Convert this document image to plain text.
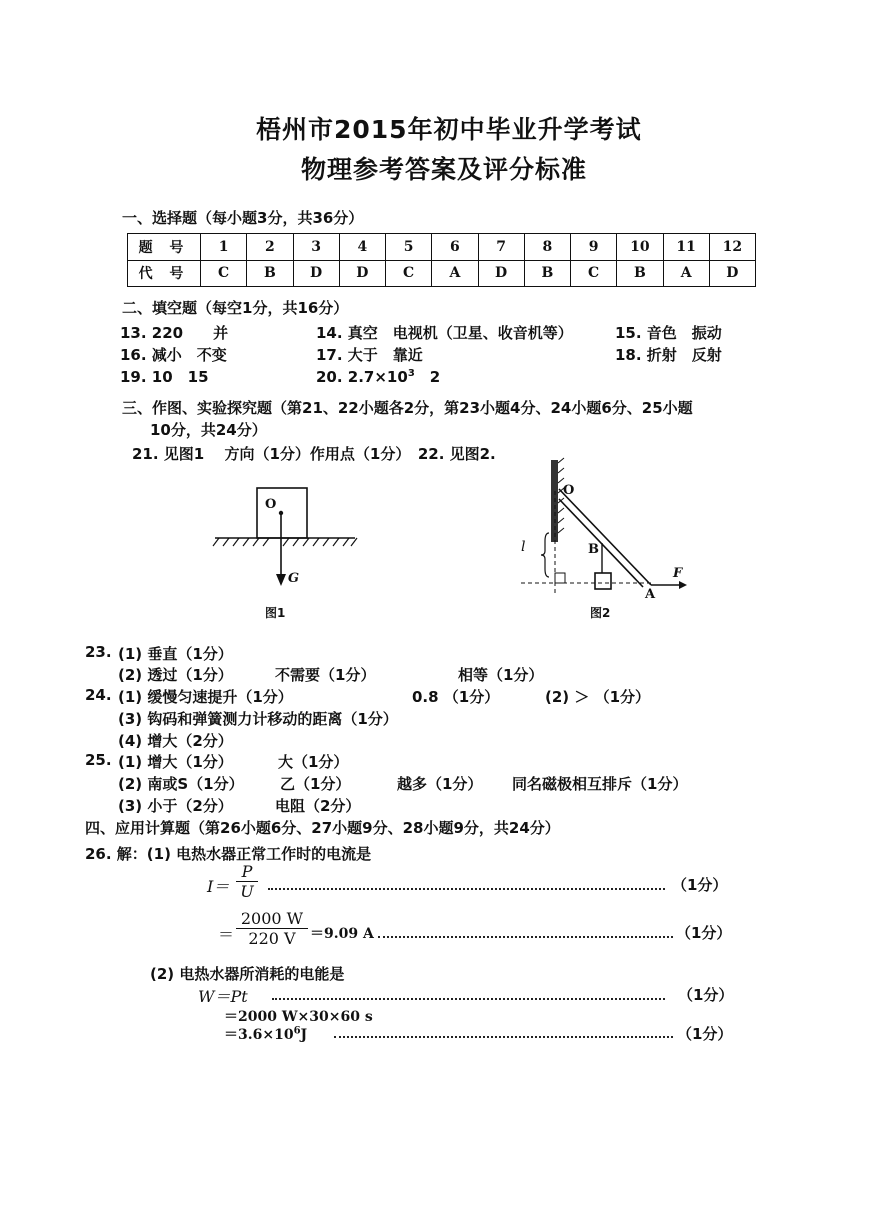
梧州市2015年初中毕业升学考试
物理参考答案及评分标准
一、选择题（每小题3分，共36分）
题 号	1	2	3	4	5	6	7	8	9	10	11	12
代 号	C	B	D	D	C	A	D	B	C	B	A	D
二、填空题（每空1分，共16分）
13. 220　　并	14. 真空　电视机（卫星、收音机等）	15. 音色　振动
16. 减小　不变	17. 大于　靠近	18. 折射　反射
19. 10　15	20. $2.7\times 10^3$　2
三、作图、实验探究题（第21、22小题各2分，第23小题4分、24小题6分、25小题
10分，共24分）
21. 见图1　 方向（1分）作用点（1分）　22. 见图2.
O
G
图1
O
B
A
F
l
图2
23. (1) 垂直（1分）
(2) 透过（1分）	不需要（1分）	相等（1分）
24. (1) 缓慢匀速提升（1分）	0.8 （1分）	(2) ＞ （1分）
(3) 钩码和弹簧测力计移动的距离（1分）
(4) 增大（2分）
25. (1) 增大（1分）	大（1分）
(2) 南或S（1分） 乙（1分）	越多（1分） 同名磁极相互排斥（1分）
(3) 小于（2分）	电阻（2分）
四、应用计算题（第26小题6分、27小题9分、28小题9分，共24分）
26. 解：(1) 电热水器正常工作时的电流是
$I= \frac{P}{U}$	（1分）
＝ $\frac{2000 W}{220 V} =9.09$ A	（1分）
(2) 电热水器所消耗的电能是
W＝Pt	（1分）
＝2000 W×30×60 s
$=3.6\times 10^6J$	（1分）
